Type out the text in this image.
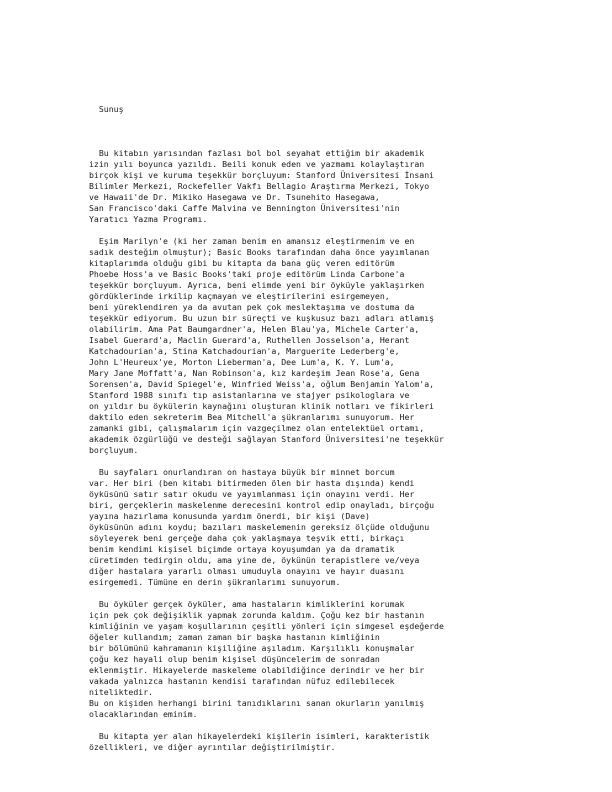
Sunuş

Bu kitabın yarısından fazlası bol bol seyahat ettiğim bir akademik
izin yılı boyunca yazıldı. Beili konuk eden ve yazmamı kolaylaştıran
birçok kişi ve kuruma teşekkür borçluyum: Stanford Üniversitesi İnsani
Bilimler Merkezi, Rockefeller Vakfı Bellagio Araştırma Merkezi, Tokyo
ve Hawaii'de Dr. Mikiko Hasegawa ve Dr. Tsunehito Hasegawa,
San Francisco'daki Caffe Malvina ve Bennington Üniversitesi'nin
Yaratıcı Yazma Programı.
Eşim Marilyn'e (ki her zaman benim en amansız eleştirmenim ve en
sadık desteğim olmuştur); Basic Books tarafından daha önce yayımlanan
kitaplarımda olduğu gibi bu kitapta da bana güç veren editörüm
Phoebe Hoss'a ve Basic Books'taki proje editörüm Linda Carbone'a
teşekkür borçluyum. Ayrıca, beni elimde yeni bir öyküyle yaklaşırken
gördüklerinde irkilip kaçmayan ve eleştirilerini esirgemeyen,
beni yüreklendiren ya da avutan pek çok meslektaşıma ve dostuma da
teşekkür ediyorum. Bu uzun bir süreçti ve kuşkusuz bazı adları atlamış
olabilirim. Ama Pat Baumgardner'a, Helen Blau'ya, Michele Carter'a,
Isabel Guerard'a, Maclin Guerard'a, Ruthellen Josselson'a, Herant
Katchadourian'a, Stina Katchadourian'a, Marguerite Lederberg'e,
John L'Heureux'ye, Morton Lieberman'a, Dee Lum'a, K. Y. Lum'a,
Mary Jane Moffatt'a, Nan Robinson'a, kız kardeşim Jean Rose'a, Gena
Sorensen'a, David Spiegel'e, Winfried Weiss'a, oğlum Benjamin Yalom'a,
Stanford 1988 sınıfı tıp asistanlarına ve stajyer psikologlara ve
on yıldır bu öykülerin kaynağını oluşturan klinik notları ve fikirleri
daktilo eden sekreterim Bea Mitchell'a şükranlarımı sunuyorum. Her
zamanki gibi, çalışmalarım için vazgeçilmez olan entelektüel ortamı,
akademik özgürlüğü ve desteği sağlayan Stanford Üniversitesi'ne teşekkür
borçluyum.
Bu sayfaları onurlandıran on hastaya büyük bir minnet borcum
var. Her biri (ben kitabı bitirmeden ölen bir hasta dışında) kendi
öyküsünü satır satır okudu ve yayımlanması için onayını verdi. Her
biri, gerçeklerin maskelenme derecesini kontrol edip onayladı, birçoğu
yayına hazırlama konusunda yardım önerdi, bir kişi (Dave)
öyküsünün adını koydu; bazıları maskelemenin gereksiz ölçüde olduğunu
söyleyerek beni gerçeğe daha çok yaklaşmaya teşvik etti, birkaçı
benim kendimi kişisel biçimde ortaya koyuşumdan ya da dramatik
cüretimden tedirgin oldu, ama yine de, öykünün terapistlere ve/veya
diğer hastalara yararlı olması umuduyla onayını ve hayır duasını
esirgemedi. Tümüne en derin şükranlarımı sunuyorum.
Bu öyküler gerçek öyküler, ama hastaların kimliklerini korumak
için pek çok değişiklik yapmak zorunda kaldım. Çoğu kez bir hastanın
kimliğinin ve yaşam koşullarının çeşitli yönleri için simgesel eşdeğerde
öğeler kullandım; zaman zaman bir başka hastanın kimliğinin
bir bölümünü kahramanın kişiliğine aşıladım. Karşılıklı konuşmalar
çoğu kez hayali olup benim kişisel düşüncelerim de sonradan
eklenmiştir. Hikayelerde maskeleme olabildiğince derindir ve her bir
vakada yalnızca hastanın kendisi tarafından nüfuz edilebilecek
niteliktedir.
Bu on kişiden herhangi birini tanıdıklarını sanan okurların yanılmış
olacaklarından eminim.
Bu kitapta yer alan hikayelerdeki kişilerin isimleri, karakteristik
özellikleri, ve diğer ayrıntılar değiştirilmiştir.
